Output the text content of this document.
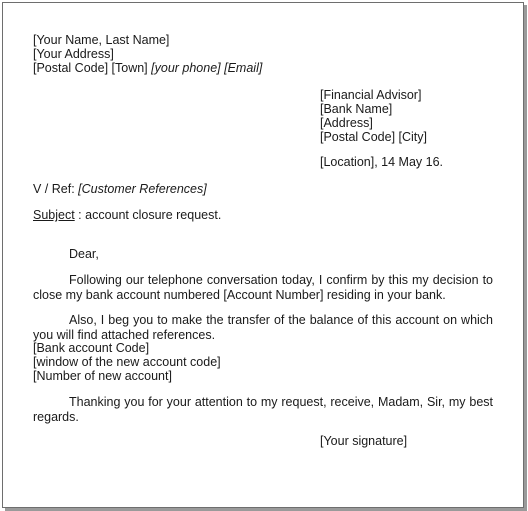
[Your Name, Last Name]
[Your Address]
[Postal Code] [Town] [your phone] [Email]
[Financial Advisor]
[Bank Name]
[Address]
[Postal Code] [City]
[Location], 14 May 16.
V / Ref: [Customer References]
Subject : account closure request.
Dear,
Following our telephone conversation today, I confirm by this my decision to close my bank account numbered [Account Number] residing in your bank.
Also, I beg you to make the transfer of the balance of this account on which you will find attached references.
[Bank account Code]
[window of the new account code]
[Number of new account]
Thanking you for your attention to my request, receive, Madam, Sir, my best regards.
[Your signature]
